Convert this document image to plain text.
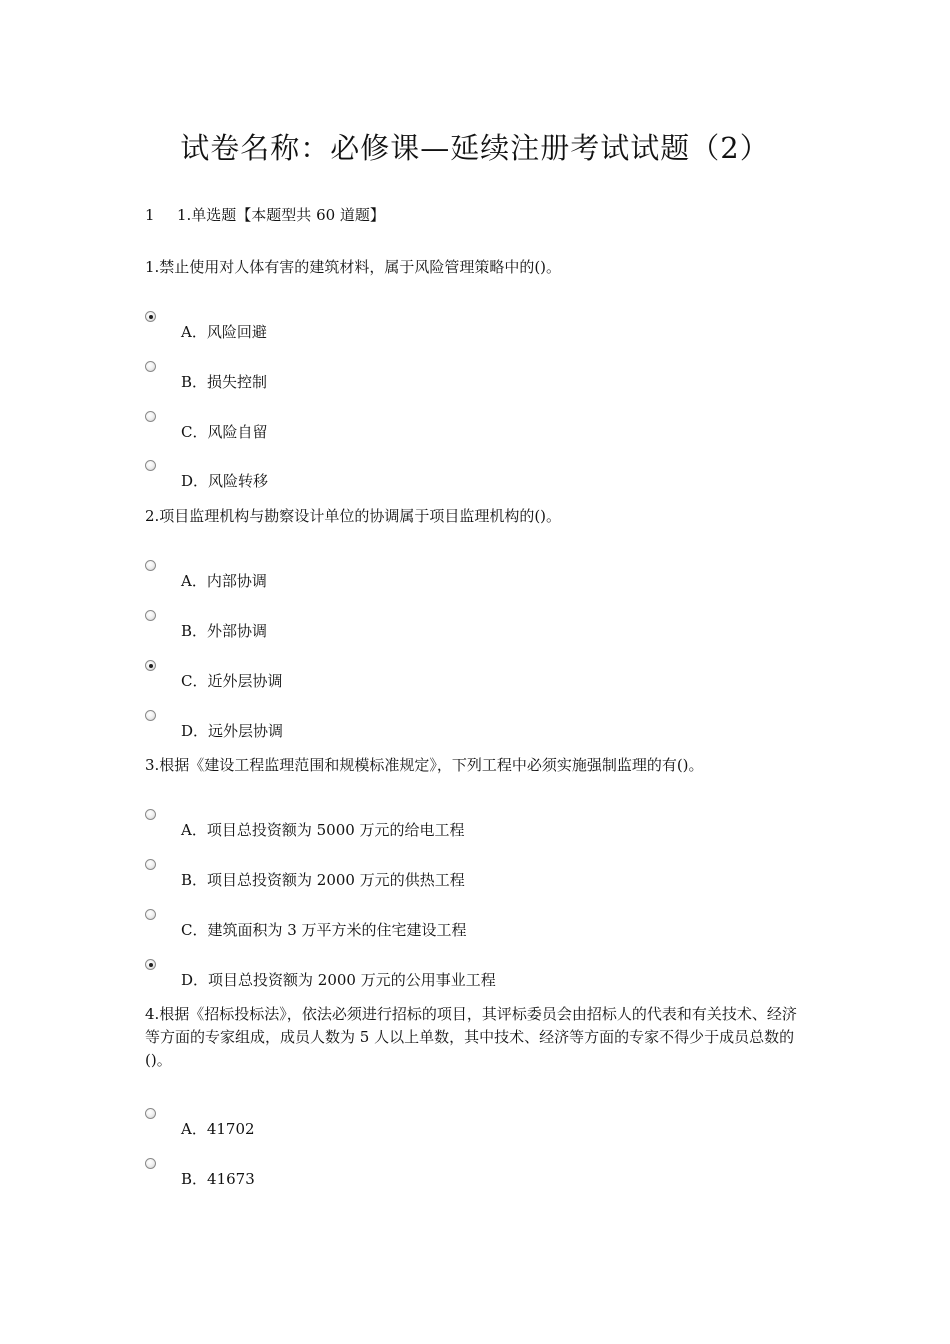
试卷名称：必修课—延续注册考试试题（2）
1 1.单选题【本题型共 60 道题】
1.禁止使用对人体有害的建筑材料，属于风险管理策略中的()。
A．风险回避
B．损失控制
C．风险自留
D．风险转移
2.项目监理机构与勘察设计单位的协调属于项目监理机构的()。
A．内部协调
B．外部协调
C．近外层协调
D．远外层协调
3.根据《建设工程监理范围和规模标准规定》，下列工程中必须实施强制监理的有()。
A．项目总投资额为 5000 万元的给电工程
B．项目总投资额为 2000 万元的供热工程
C．建筑面积为 3 万平方米的住宅建设工程
D．项目总投资额为 2000 万元的公用事业工程
4.根据《招标投标法》，依法必须进行招标的项目，其评标委员会由招标人的代表和有关技术、经济等方面的专家组成，成员人数为 5 人以上单数，其中技术、经济等方面的专家不得少于成员总数的()。
A．41702
B．41673
